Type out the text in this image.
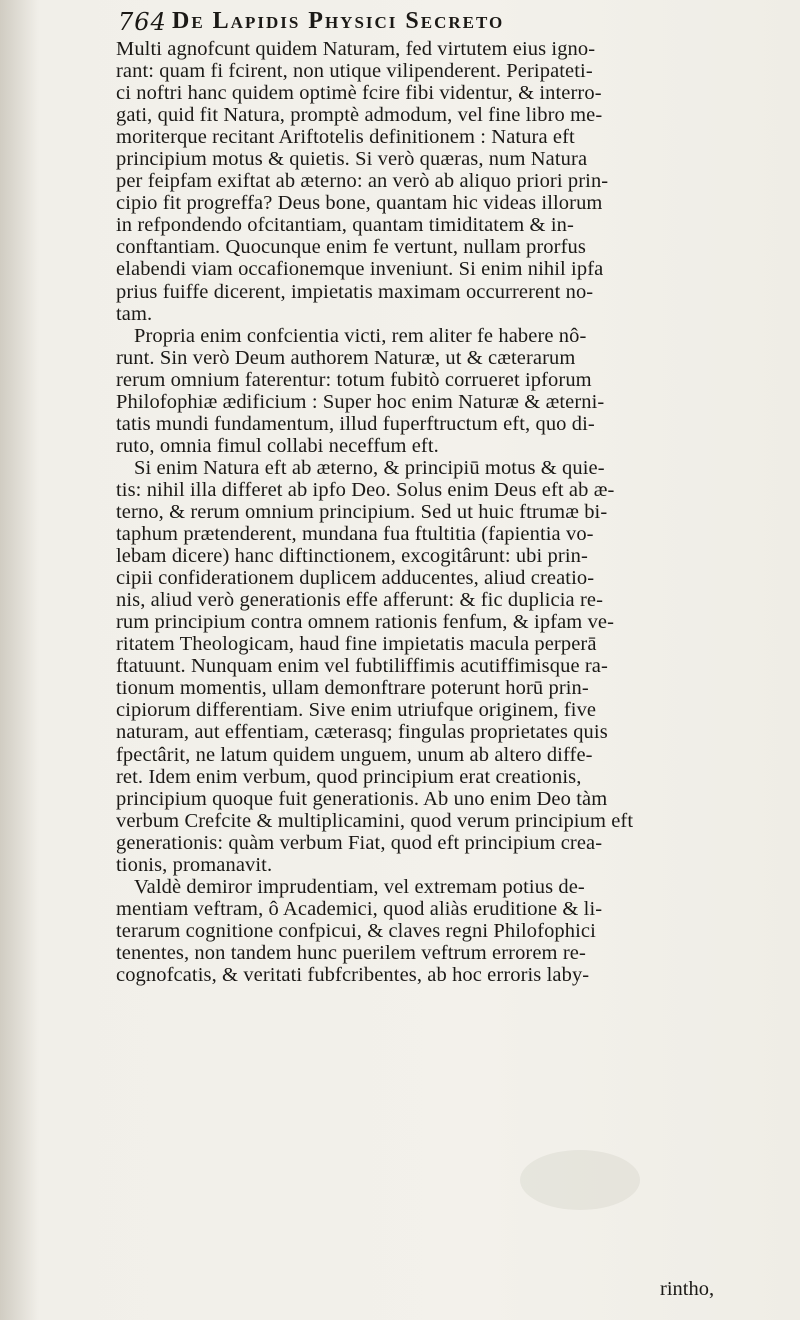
764 De Lapidis Physici Secreto
Multi agnofcunt quidem Naturam, fed virtutem eius igno-
rant: quam fi fcirent, non utique vilipenderent. Peripateti-
ci noftri hanc quidem optimè fcire fibi videntur, & interro-
gati, quid fit Natura, promptè admodum, vel fine libro me-
moriterque recitant Ariftotelis definitionem : Natura eft
principium motus & quietis. Si verò quæras, num Natura
per feipfam exiftat ab æterno: an verò ab aliquo priori prin-
cipio fit progreffa? Deus bone, quantam hic videas illorum
in refpondendo ofcitantiam, quantam timiditatem & in-
conftantiam. Quocunque enim fe vertunt, nullam prorfus
elabendi viam occafionemque inveniunt. Si enim nihil ipfa
prius fuiffe dicerent, impietatis maximam occurrerent no-
tam.
Propria enim confcientia victi, rem aliter fe habere nô-
runt. Sin verò Deum authorem Naturæ, ut & cæterarum
rerum omnium faterentur: totum fubitò corrueret ipforum
Philofophiæ ædificium : Super hoc enim Naturæ & æterni-
tatis mundi fundamentum, illud fuperftructum eft, quo di-
ruto, omnia fimul collabi neceffum eft.
Si enim Natura eft ab æterno, & principiū motus & quie-
tis: nihil illa differet ab ipfo Deo. Solus enim Deus eft ab æ-
terno, & rerum omnium principium. Sed ut huic ftrumæ bi-
taphum prætenderent, mundana fua ftultitia (fapientia vo-
lebam dicere) hanc diftinctionem, excogitârunt: ubi prin-
cipii confiderationem duplicem adducentes, aliud creatio-
nis, aliud verò generationis effe afferunt: & fic duplicia re-
rum principium contra omnem rationis fenfum, & ipfam ve-
ritatem Theologicam, haud fine impietatis macula perperā
ftatuunt. Nunquam enim vel fubtiliffimis acutiffimisque ra-
tionum momentis, ullam demonftrare poterunt horū prin-
cipiorum differentiam. Sive enim utriufque originem, five
naturam, aut effentiam, cæterasq; fingulas proprietates quis
fpectârit, ne latum quidem unguem, unum ab altero diffe-
ret. Idem enim verbum, quod principium erat creationis,
principium quoque fuit generationis. Ab uno enim Deo tàm
verbum Crefcite & multiplicamini, quod verum principium eft
generationis: quàm verbum Fiat, quod eft principium crea-
tionis, promanavit.
Valdè demiror imprudentiam, vel extremam potius de-
mentiam veftram, ô Academici, quod aliàs eruditione & li-
terarum cognitione confpicui, & claves regni Philofophici
tenentes, non tandem hunc puerilem veftrum errorem re-
cognofcatis, & veritati fubfcribentes, ab hoc erroris laby-
rintho,
